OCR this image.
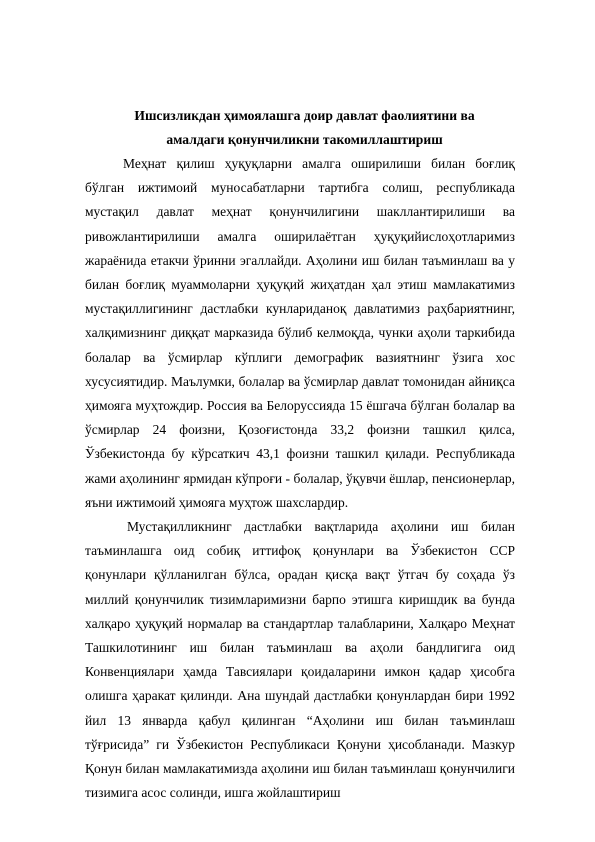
Ишсизликдан ҳимоялашга доир давлат фаолиятини ва
амалдаги қонунчиликни такомиллаштириш

Меҳнат қилиш ҳуқуқларни амалга оширилиши билан боғлиқ бўлган ижтимоий муносабатларни тартибга солиш, республикада мустақил давлат меҳнат қонунчилигини шакллантирилиши ва ривожлантирилиши амалга оширилаётган ҳуқуқийислоҳотларимиз жараёнида етакчи ўринни эгаллайди. Аҳолини иш билан таъминлаш ва у билан боғлиқ муаммоларни ҳуқуқий жиҳатдан ҳал этиш мамлакатимиз мустақиллигининг дастлабки кунлариданоқ давлатимиз раҳбариятнинг, халқимизнинг диққат марказида бўлиб келмоқда, чунки аҳоли таркибида болалар ва ўсмирлар кўплиги демографик вазиятнинг ўзига хос хусусиятидир. Маълумки, болалар ва ўсмирлар давлат томонидан айниқса ҳимояга муҳтождир. Россия ва Белоруссияда 15 ёшгача бўлган болалар ва ўсмирлар 24 фоизни, Қозоғистонда 33,2 фоизни ташкил қилса, Ўзбекистонда бу кўрсаткич 43,1 фоизни ташкил қилади. Республикада жами аҳолининг ярмидан кўпроғи - болалар, ўқувчи ёшлар, пенсионерлар, яъни ижтимоий ҳимояга муҳтож шахслардир.

Мустақилликнинг дастлабки вақтларида аҳолини иш билан таъминлашга оид собиқ иттифоқ қонунлари ва Ўзбекистон ССР қонунлари қўлланилган бўлса, орадан қисқа вақт ўтгач бу соҳада ўз миллий қонунчилик тизимларимизни барпо этишга киришдик ва бунда халқаро ҳуқуқий нормалар ва стандартлар талабларини, Халқаро Меҳнат Ташкилотининг иш билан таъминлаш ва аҳоли бандлигига оид Конвенциялари ҳамда Тавсиялари қоидаларини имкон қадар ҳисобга олишга ҳаракат қилинди. Ана шундай дастлабки қонунлардан бири 1992 йил 13 январда қабул қилинган “Аҳолини иш билан таъминлаш тўғрисида” ги Ўзбекистон Республикаси Қонуни ҳисобланади. Мазкур Қонун билан мамлакатимизда аҳолини иш билан таъминлаш қонунчилиги тизимига асос солинди, ишга жойлаштириш
